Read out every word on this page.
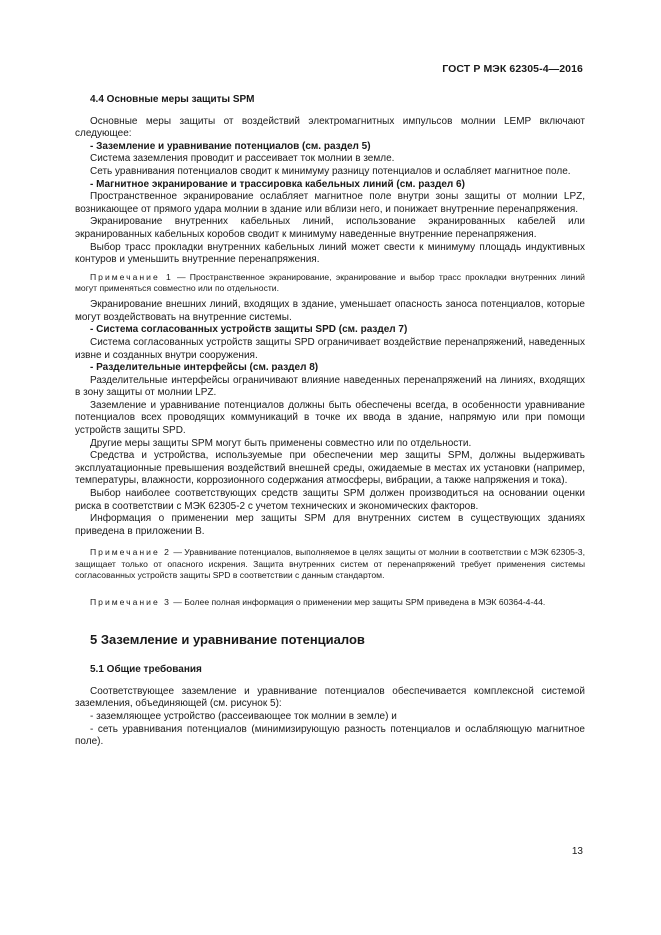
ГОСТ Р МЭК 62305-4—2016

4.4 Основные меры защиты SPM

Основные меры защиты от воздействий электромагнитных импульсов молнии LEMP включают следующее:

- Заземление и уравнивание потенциалов (см. раздел 5)

Система заземления проводит и рассеивает ток молнии в земле.

Сеть уравнивания потенциалов сводит к минимуму разницу потенциалов и ослабляет магнитное поле.

- Магнитное экранирование и трассировка кабельных линий (см. раздел 6)

Пространственное экранирование ослабляет магнитное поле внутри зоны защиты от молнии LPZ, возникающее от прямого удара молнии в здание или вблизи него, и понижает внутренние перенапряжения.

Экранирование внутренних кабельных линий, использование экранированных кабелей или экранированных кабельных коробов сводит к минимуму наведенные внутренние перенапряжения.

Выбор трасс прокладки внутренних кабельных линий может свести к минимуму площадь индуктивных контуров и уменьшить внутренние перенапряжения.

Примечание 1 — Пространственное экранирование, экранирование и выбор трасс прокладки внутренних линий могут применяться совместно или по отдельности.

Экранирование внешних линий, входящих в здание, уменьшает опасность заноса потенциалов, которые могут воздействовать на внутренние системы.

- Система согласованных устройств защиты SPD (см. раздел 7)

Система согласованных устройств защиты SPD ограничивает воздействие перенапряжений, наведенных извне и созданных внутри сооружения.

- Разделительные интерфейсы (см. раздел 8)

Разделительные интерфейсы ограничивают влияние наведенных перенапряжений на линиях, входящих в зону защиты от молнии LPZ.

Заземление и уравнивание потенциалов должны быть обеспечены всегда, в особенности уравнивание потенциалов всех проводящих коммуникаций в точке их ввода в здание, напрямую или при помощи устройств защиты SPD.

Другие меры защиты SPM могут быть применены совместно или по отдельности.

Средства и устройства, используемые при обеспечении мер защиты SPM, должны выдерживать эксплуатационные превышения воздействий внешней среды, ожидаемые в местах их установки (например, температуры, влажности, коррозионного содержания атмосферы, вибрации, а также напряжения и тока).

Выбор наиболее соответствующих средств защиты SPM должен производиться на основании оценки риска в соответствии с МЭК 62305-2 с учетом технических и экономических факторов.

Информация о применении мер защиты SPM для внутренних систем в существующих зданиях приведена в приложении В.

Примечание 2 — Уравнивание потенциалов, выполняемое в целях защиты от молнии в соответствии с МЭК 62305-3, защищает только от опасного искрения. Защита внутренних систем от перенапряжений требует применения системы согласованных устройств защиты SPD в соответствии с данным стандартом.

Примечание 3 — Более полная информация о применении мер защиты SPM приведена в МЭК 60364-4-44.

5 Заземление и уравнивание потенциалов

5.1 Общие требования

Соответствующее заземление и уравнивание потенциалов обеспечивается комплексной системой заземления, объединяющей (см. рисунок 5):

- заземляющее устройство (рассеивающее ток молнии в земле) и

- сеть уравнивания потенциалов (минимизирующую разность потенциалов и ослабляющую магнитное поле).

13
